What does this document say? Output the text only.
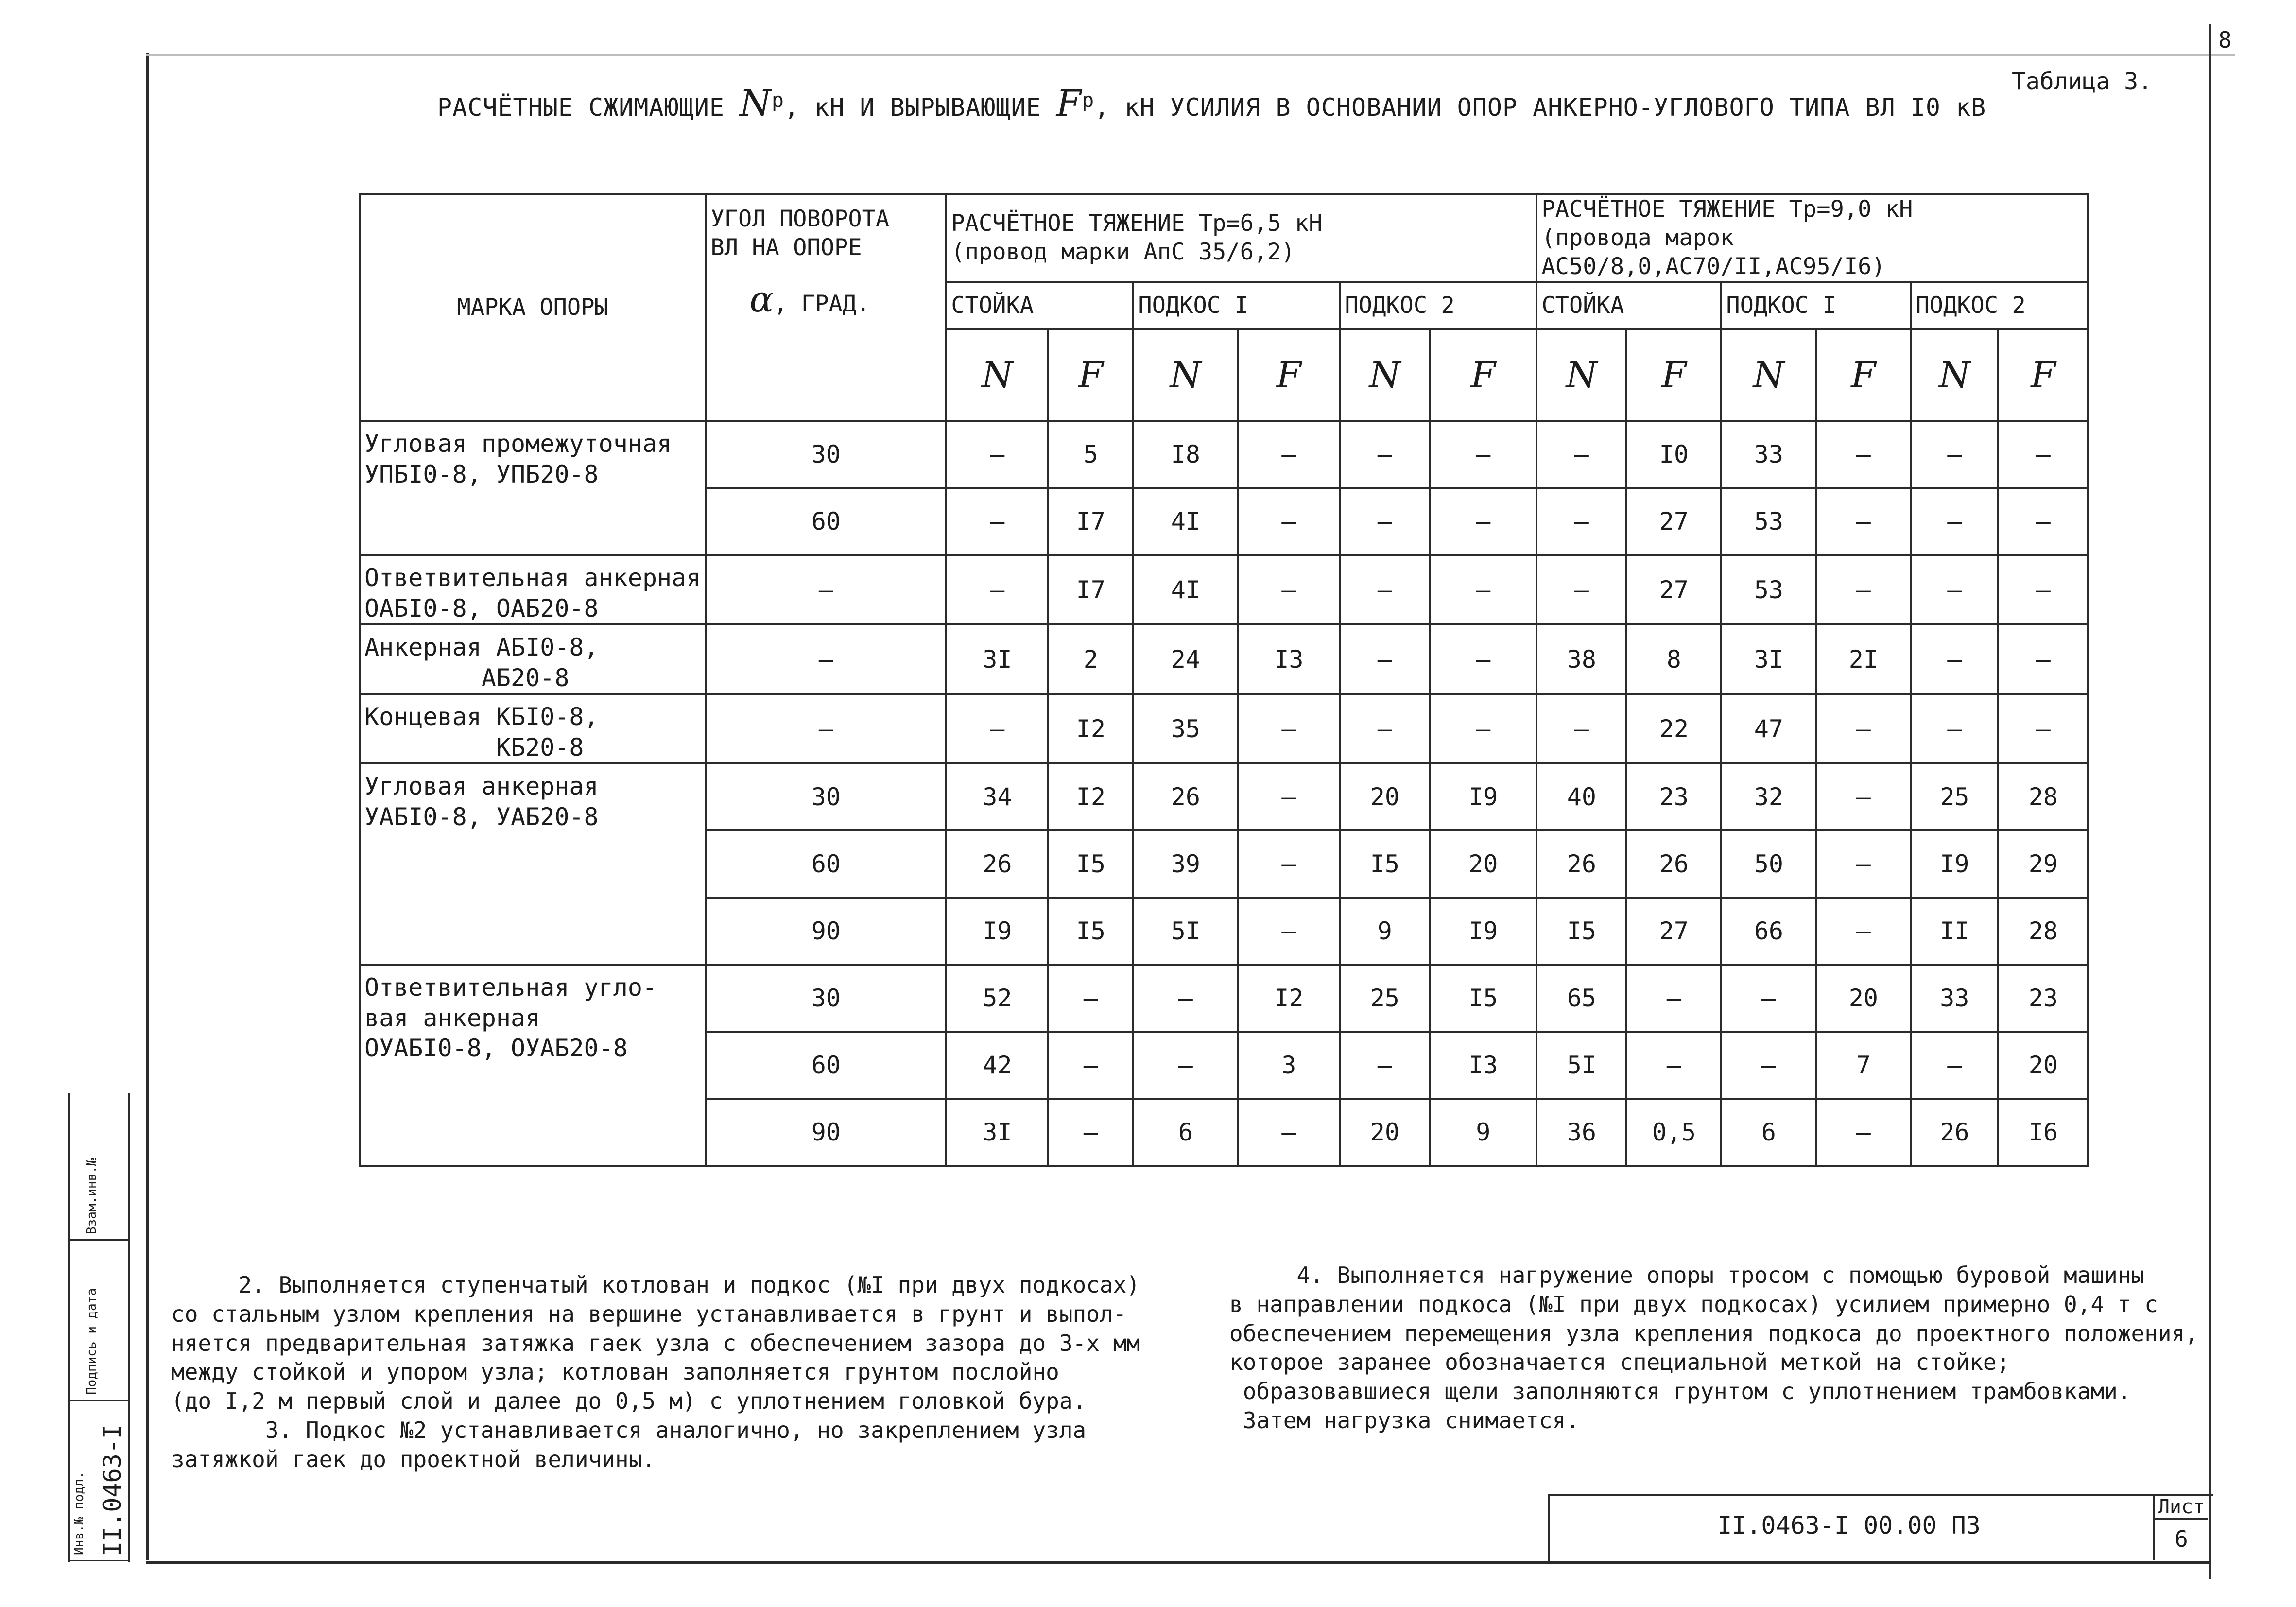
8
Таблица 3.
РАСЧЁТНЫЕ СЖИМАЮЩИЕ $N^р$, кН И ВЫРЫВАЮЩИЕ $F^р$, кН УСИЛИЯ В ОСНОВАНИИ ОПОР АНКЕРНО-УГЛОВОГО ТИПА ВЛ I0 кВ
МАРКА ОПОРЫ	УГОЛ ПОВОРОТА
ВЛ НА ОПОРЕ
α, ГРАД.	РАСЧЁТНОЕ ТЯЖЕНИЕ Тр=6,5 кН
(провод марки АпС 35/6,2)						РАСЧЁТНОЕ ТЯЖЕНИЕ Тр=9,0 кН
(провода марок АС50/8,0,АС70/II,АС95/I6)					
		СТОЙКА		ПОДКОС I		ПОДКОС 2		СТОЙКА		ПОДКОС I		ПОДКОС 2	
		N	F	N	F	N	F	N	F	N	F	N	F
Угловая промежуточная
УПБI0-8, УПБ20-8	30	–	5	I8	–	–	–	–	I0	33	–	–	–
	60	–	I7	4I	–	–	–	–	27	53	–	–	–
Ответвительная анкерная
ОАБI0-8, ОАБ20-8	–	–	I7	4I	–	–	–	–	27	53	–	–	–
Анкерная АБI0-8,
АБ20-8	–	3I	2	24	I3	–	–	38	8	3I	2I	–	–
Концевая КБI0-8,
КБ20-8	–	–	I2	35	–	–	–	–	22	47	–	–	–
Угловая анкерная
УАБI0-8, УАБ20-8	30	34	I2	26	–	20	I9	40	23	32	–	25	28
	60	26	I5	39	–	I5	20	26	26	50	–	I9	29
	90	I9	I5	5I	–	9	I9	I5	27	66	–	II	28
Ответвительная угло-
вая анкерная
ОУАБI0-8, ОУАБ20-8	30	52	–	–	I2	25	I5	65	–	–	20	33	23
	60	42	–	–	3	–	I3	5I	–	–	7	–	20
	90	3I	–	6	–	20	9	36	0,5	6	–	26	I6
2. Выполняется ступенчатый котлован и подкос (№I при двух подкосах)
со стальным узлом крепления на вершине устанавливается в грунт и выпол-
няется предварительная затяжка гаек узла с обеспечением зазора до 3-х мм
между стойкой и упором узла; котлован заполняется грунтом послойно
(до I,2 м первый слой и далее до 0,5 м) с уплотнением головкой бура.
3. Подкос №2 устанавливается аналогично, но закреплением узла
затяжкой гаек до проектной величины.
4. Выполняется нагружение опоры тросом с помощью буровой машины
в направлении подкоса (№I при двух подкосах) усилием примерно 0,4 т с
обеспечением перемещения узла крепления подкоса до проектного положения,
которое заранее обозначается специальной меткой на стойке;
образовавшиеся щели заполняются грунтом с уплотнением трамбовками.
Затем нагрузка снимается.
II.0463-I 00.00 ПЗ
Лист
6
Взам.инв.№
Подпись и дата
Инв.№ подл. II.0463-I
